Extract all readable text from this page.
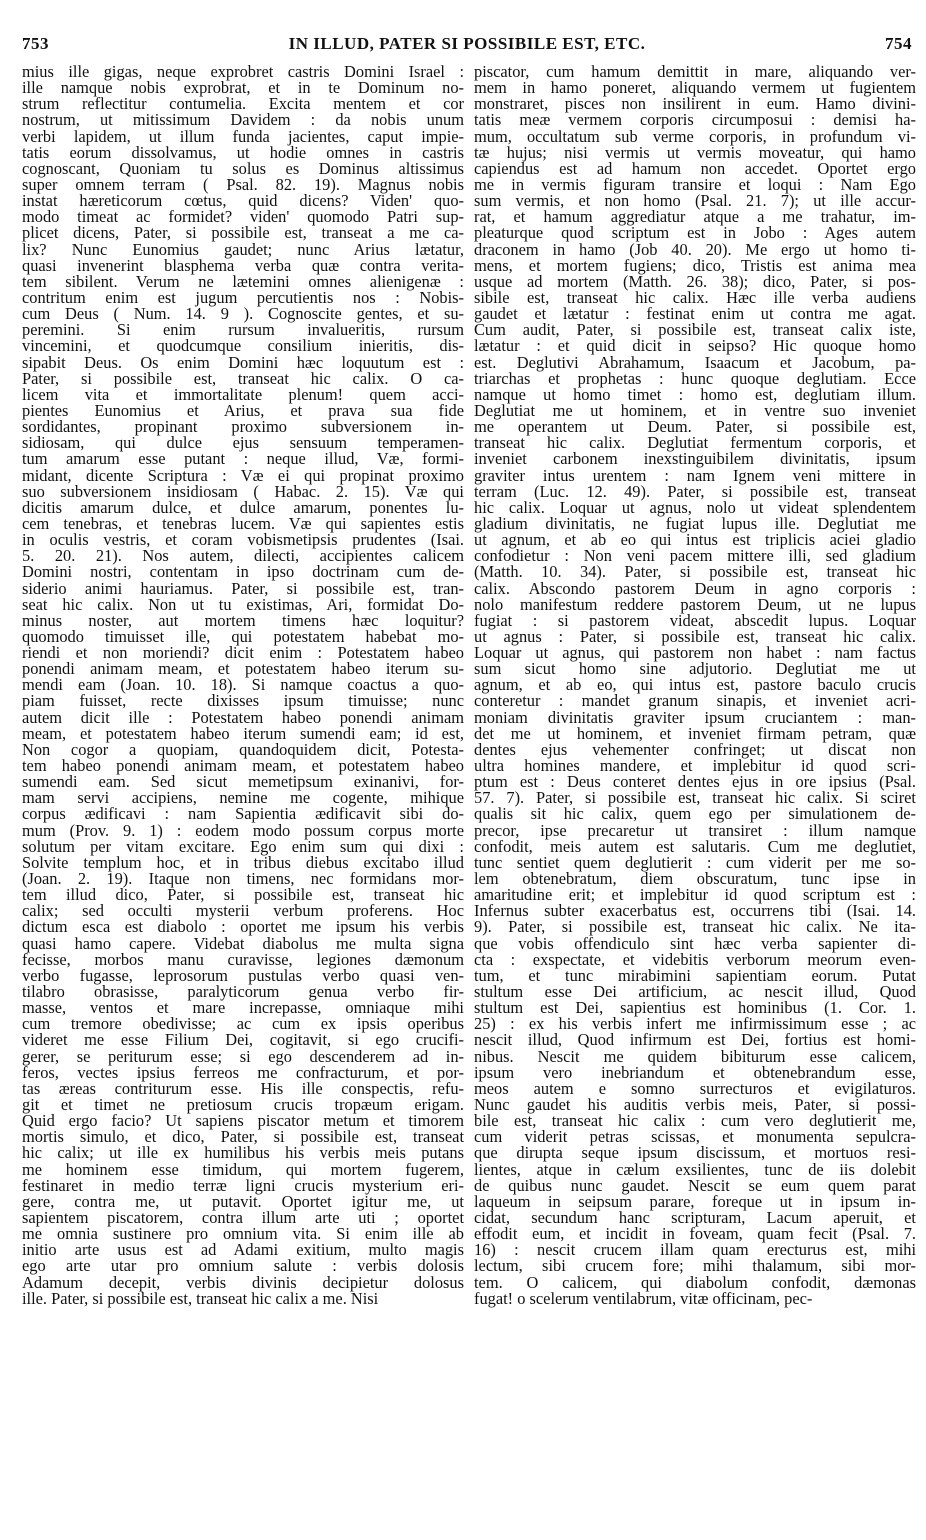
753	IN ILLUD, PATER SI POSSIBILE EST, ETC.	754
mius ille gigas, neque exprobret castris Domini Israel :
ille namque nobis exprobrat, et in te Dominum no-
strum reflectitur contumelia. Excita mentem et cor
nostrum, ut mitissimum Davidem : da nobis unum
verbi lapidem, ut illum funda jacientes, caput impie-
tatis eorum dissolvamus, ut hodie omnes in castris
cognoscant, Quoniam tu solus es Dominus altissimus
super omnem terram ( Psal. 82. 19). Magnus nobis
instat hæreticorum cœtus, quid dicens? Viden' quo-
modo timeat ac formidet? viden' quomodo Patri sup-
plicet dicens, Pater, si possibile est, transeat a me ca-
lix? Nunc Eunomius gaudet; nunc Arius lætatur,
quasi invenerint blasphema verba quæ contra verita-
tem sibilent. Verum ne lætemini omnes alienigenæ :
contritum enim est jugum percutientis nos : Nobis-
cum Deus ( Num. 14. 9 ). Cognoscite gentes, et su-
peremini. Si enim rursum invalueritis, rursum
vincemini, et quodcumque consilium inieritis, dis-
sipabit Deus. Os enim Domini hæc loquutum est :
Pater, si possibile est, transeat hic calix. O ca-
licem vita et immortalitate plenum! quem acci-
pientes Eunomius et Arius, et prava sua fide
sordidantes, propinant proximo subversionem in-
sidiosam, qui dulce ejus sensuum temperamen-
tum amarum esse putant : neque illud, Væ, formi-
midant, dicente Scriptura : Væ ei qui propinat proximo
suo subversionem insidiosam ( Habac. 2. 15). Væ qui
dicitis amarum dulce, et dulce amarum, ponentes lu-
cem tenebras, et tenebras lucem. Væ qui sapientes estis
in oculis vestris, et coram vobismetipsis prudentes (Isai.
5. 20. 21). Nos autem, dilecti, accipientes calicem
Domini nostri, contentam in ipso doctrinam cum de-
siderio animi hauriamus. Pater, si possibile est, tran-
seat hic calix. Non ut tu existimas, Ari, formidat Do-
minus noster, aut mortem timens hæc loquitur?
quomodo timuisset ille, qui potestatem habebat mo-
riendi et non moriendi? dicit enim : Potestatem habeo
ponendi animam meam, et potestatem habeo iterum su-
mendi eam (Joan. 10. 18). Si namque coactus a quo-
piam fuisset, recte dixisses ipsum timuisse; nunc
autem dicit ille : Potestatem habeo ponendi animam
meam, et potestatem habeo iterum sumendi eam; id est,
Non cogor a quopiam, quandoquidem dicit, Potesta-
tem habeo ponendi animam meam, et potestatem habeo
sumendi eam. Sed sicut memetipsum exinanivi, for-
mam servi accipiens, nemine me cogente, mihique
corpus ædificavi : nam Sapientia ædificavit sibi do-
mum (Prov. 9. 1) : eodem modo possum corpus morte
solutum per vitam excitare. Ego enim sum qui dixi :
Solvite templum hoc, et in tribus diebus excitabo illud
(Joan. 2. 19). Itaque non timens, nec formidans mor-
tem illud dico, Pater, si possibile est, transeat hic
calix; sed occulti mysterii verbum proferens. Hoc
dictum esca est diabolo : oportet me ipsum his verbis
quasi hamo capere. Videbat diabolus me multa signa
fecisse, morbos manu curavisse, legiones dæmonum
verbo fugasse, leprosorum pustulas verbo quasi ven-
tilabro obrasisse, paralyticorum genua verbo fir-
masse, ventos et mare increpasse, omniaque mihi
cum tremore obedivisse; ac cum ex ipsis operibus
videret me esse Filium Dei, cogitavit, si ego crucifi-
gerer, se periturum esse; si ego descenderem ad in-
feros, vectes ipsius ferreos me confracturum, et por-
tas æreas contriturum esse. His ille conspectis, refu-
git et timet ne pretiosum crucis tropæum erigam.
Quid ergo facio? Ut sapiens piscator metum et timorem
mortis simulo, et dico, Pater, si possibile est, transeat
hic calix; ut ille ex humilibus his verbis meis putans
me hominem esse timidum, qui mortem fugerem,
festinaret in medio terræ ligni crucis mysterium eri-
gere, contra me, ut putavit. Oportet igitur me, ut
sapientem piscatorem, contra illum arte uti ; oportet
me omnia sustinere pro omnium vita. Si enim ille ab
initio arte usus est ad Adami exitium, multo magis
ego arte utar pro omnium salute : verbis dolosis
Adamum decepit, verbis divinis decipietur dolosus
ille. Pater, si possibile est, transeat hic calix a me. Nisi
piscator, cum hamum demittit in mare, aliquando ver-
mem in hamo poneret, aliquando vermem ut fugientem
monstraret, pisces non insilirent in eum. Hamo divini-
tatis meæ vermem corporis circumposui : demisi ha-
mum, occultatum sub verme corporis, in profundum vi-
tæ hujus; nisi vermis ut vermis moveatur, qui hamo
capiendus est ad hamum non accedet. Oportet ergo
me in vermis figuram transire et loqui : Nam Ego
sum vermis, et non homo (Psal. 21. 7); ut ille accur-
rat, et hamum aggrediatur atque a me trahatur, im-
pleaturque quod scriptum est in Jobo : Ages autem
draconem in hamo (Job 40. 20). Me ergo ut homo ti-
mens, et mortem fugiens; dico, Tristis est anima mea
usque ad mortem (Matth. 26. 38); dico, Pater, si pos-
sibile est, transeat hic calix. Hæc ille verba audiens
gaudet et lætatur : festinat enim ut contra me agat.
Cum audit, Pater, si possibile est, transeat calix iste,
lætatur : et quid dicit in seipso? Hic quoque homo
est. Deglutivi Abrahamum, Isaacum et Jacobum, pa-
triarchas et prophetas : hunc quoque deglutiam. Ecce
namque ut homo timet : homo est, deglutiam illum.
Deglutiat me ut hominem, et in ventre suo inveniet
me operantem ut Deum. Pater, si possibile est,
transeat hic calix. Deglutiat fermentum corporis, et
inveniet carbonem inexstinguibilem divinitatis, ipsum
graviter intus urentem : nam Ignem veni mittere in
terram (Luc. 12. 49). Pater, si possibile est, transeat
hic calix. Loquar ut agnus, nolo ut videat splendentem
gladium divinitatis, ne fugiat lupus ille. Deglutiat me
ut agnum, et ab eo qui intus est triplicis aciei gladio
confodietur : Non veni pacem mittere illi, sed gladium
(Matth. 10. 34). Pater, si possibile est, transeat hic
calix. Abscondo pastorem Deum in agno corporis :
nolo manifestum reddere pastorem Deum, ut ne lupus
fugiat : si pastorem videat, abscedit lupus. Loquar
ut agnus : Pater, si possibile est, transeat hic calix.
Loquar ut agnus, qui pastorem non habet : nam factus
sum sicut homo sine adjutorio. Deglutiat me ut
agnum, et ab eo, qui intus est, pastore baculo crucis
conteretur : mandet granum sinapis, et inveniet acri-
moniam divinitatis graviter ipsum cruciantem : man-
det me ut hominem, et inveniet firmam petram, quæ
dentes ejus vehementer confringet; ut discat non
ultra homines mandere, et implebitur id quod scri-
ptum est : Deus conteret dentes ejus in ore ipsius (Psal.
57. 7). Pater, si possibile est, transeat hic calix. Si sciret
qualis sit hic calix, quem ego per simulationem de-
precor, ipse precaretur ut transiret : illum namque
confodit, meis autem est salutaris. Cum me deglutiet,
tunc sentiet quem deglutierit : cum viderit per me so-
lem obtenebratum, diem obscuratum, tunc ipse in
amaritudine erit; et implebitur id quod scriptum est :
Infernus subter exacerbatus est, occurrens tibi (Isai. 14.
9). Pater, si possibile est, transeat hic calix. Ne ita-
que vobis offendiculo sint hæc verba sapienter di-
cta : exspectate, et videbitis verborum meorum even-
tum, et tunc mirabimini sapientiam eorum. Putat
stultum esse Dei artificium, ac nescit illud, Quod
stultum est Dei, sapientius est hominibus (1. Cor. 1.
25) : ex his verbis infert me infirmissimum esse ; ac
nescit illud, Quod infirmum est Dei, fortius est homi-
nibus. Nescit me quidem bibiturum esse calicem,
ipsum vero inebriandum et obtenebrandum esse,
meos autem e somno surrecturos et evigilaturos.
Nunc gaudet his auditis verbis meis, Pater, si possi-
bile est, transeat hic calix : cum vero deglutierit me,
cum viderit petras scissas, et monumenta sepulcra-
que dirupta seque ipsum discissum, et mortuos resi-
lientes, atque in cælum exsilientes, tunc de iis dolebit
de quibus nunc gaudet. Nescit se eum quem parat
laqueum in seipsum parare, foreque ut in ipsum in-
cidat, secundum hanc scripturam, Lacum aperuit, et
effodit eum, et incidit in foveam, quam fecit (Psal. 7.
16) : nescit crucem illam quam erecturus est, mihi
lectum, sibi crucem fore; mihi thalamum, sibi mor-
tem. O calicem, qui diabolum confodit, dæmonas
fugat! o scelerum ventilabrum, vitæ officinam, pec-
